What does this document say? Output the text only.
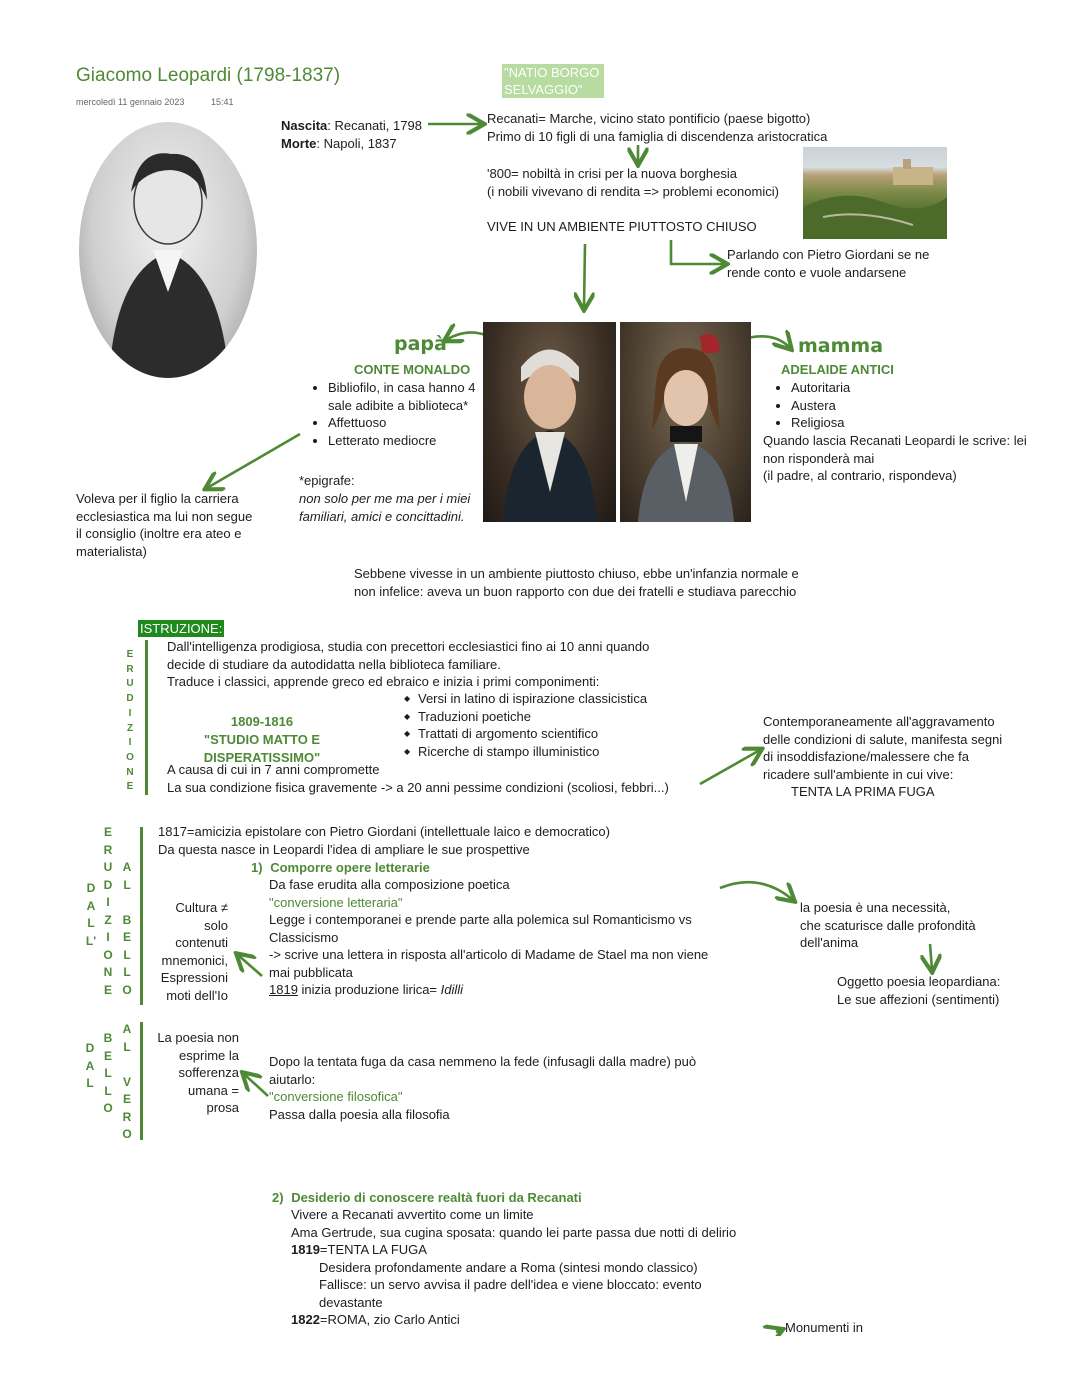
Giacomo Leopardi (1798-1837)
mercoledì 11 gennaio 2023	15:41
"NATIO BORGO SELVAGGIO"
Nascita: Recanati, 1798
Morte: Napoli, 1837
Recanati= Marche, vicino stato pontificio (paese bigotto)
Primo di 10 figli di una famiglia di discendenza aristocratica
'800= nobiltà in crisi per la nuova borghesia
(i nobili vivevano di rendita => problemi economici)
VIVE IN UN AMBIENTE PIUTTOSTO CHIUSO
Parlando con Pietro Giordani se ne
rende conto e vuole andarsene
papà
CONTE MONALDO
• Bibliofilo, in casa hanno 4 sale adibite a biblioteca*
• Affettuoso
• Letterato mediocre
*epigrafe:
non solo per me ma per i miei familiari, amici e concittadini.
Voleva per il figlio la carriera ecclesiastica ma lui non segue il consiglio (inoltre era ateo e materialista)
mamma
ADELAIDE ANTICI
• Autoritaria
• Austera
• Religiosa
Quando lascia Recanati Leopardi le scrive: lei
non risponderà mai
(il padre, al contrario, rispondeva)
Sebbene vivesse in un ambiente piuttosto chiuso, ebbe un'infanzia normale e
non infelice: aveva un buon rapporto con due dei fratelli e studiava parecchio
ISTRUZIONE:
E
R
U
D
I
Z
I
O
N
E
Dall'intelligenza prodigiosa, studia con precettori ecclesiastici fino ai 10 anni quando
decide di studiare da autodidatta nella biblioteca familiare.
Traduce i classici, apprende greco ed ebraico e inizia i primi componimenti:
◆ Versi in latino di ispirazione classicistica
◆ Traduzioni poetiche
◆ Trattati di argomento scientifico
◆ Ricerche di stampo illuministico
1809-1816
"STUDIO MATTO E DISPERATISSIMO"
A causa di cui in 7 anni compromette
La sua condizione fisica gravemente -> a 20 anni pessime condizioni (scoliosi, febbri...)
Contemporaneamente all'aggravamento
delle condizioni di salute, manifesta segni
di insoddisfazione/malessere che fa
ricadere sull'ambiente in cui vive:
TENTA LA PRIMA FUGA
D
A
L
L'
E
R
U
D
I
Z
I
O
N
E
A
L

B
E
L
L
O
1817=amicizia epistolare con Pietro Giordani (intellettuale laico e democratico)
Da questa nasce in Leopardi l'idea di ampliare le sue prospettive
1) Comporre opere letterarie
Da fase erudita alla composizione poetica
"conversione letteraria"
Legge i contemporanei e prende parte alla polemica sul Romanticismo vs
Classicismo
-> scrive una lettera in risposta all'articolo di Madame de Stael ma non viene
mai pubblicata
1819 inizia produzione lirica= Idilli
Cultura ≠ solo contenuti mnemonici, Espressioni moti dell'Io
la poesia è una necessità,
che scaturisce dalle profondità
dell'anima
Oggetto poesia leopardiana:
Le sue affezioni (sentimenti)
D
A
L
B
E
L
L
O
A
L

V
E
R
O
La poesia non esprime la sofferenza umana = prosa
Dopo la tentata fuga da casa nemmeno la fede (infusagli dalla madre) può
aiutarlo:
"conversione filosofica"
Passa dalla poesia alla filosofia
2) Desiderio di conoscere realtà fuori da Recanati
Vivere a Recanati avvertito come un limite
Ama Gertrude, sua cugina sposata: quando lei parte passa due notti di delirio
1819=TENTA LA FUGA
Desidera profondamente andare a Roma (sintesi mondo classico)
Fallisce: un servo avvisa il padre dell'idea e viene bloccato: evento
devastante
1822=ROMA, zio Carlo Antici
Monumenti in
